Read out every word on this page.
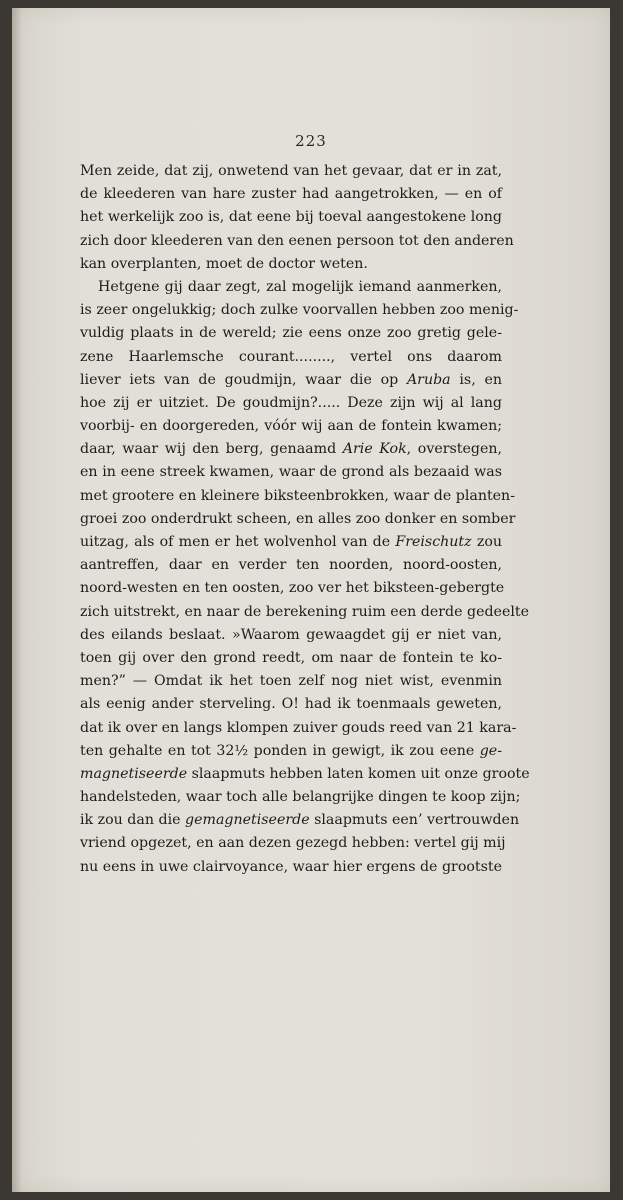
223
Men zeide, dat zij, onwetend van het gevaar, dat er in zat,
de kleederen van hare zuster had aangetrokken, — en of
het werkelijk zoo is, dat eene bij toeval aangestokene long
zich door kleederen van den eenen persoon tot den anderen
kan overplanten, moet de doctor weten.
Hetgene gij daar zegt, zal mogelijk iemand aanmerken,
is zeer ongelukkig; doch zulke voorvallen hebben zoo menig-
vuldig plaats in de wereld; zie eens onze zoo gretig gele-
zene Haarlemsche courant........, vertel ons daarom
liever iets van de goudmijn, waar die op Aruba is, en
hoe zij er uitziet. De goudmijn?..... Deze zijn wij al lang
voorbij- en doorgereden, vóór wij aan de fontein kwamen;
daar, waar wij den berg, genaamd Arie Kok, overstegen,
en in eene streek kwamen, waar de grond als bezaaid was
met grootere en kleinere biksteenbrokken, waar de planten-
groei zoo onderdrukt scheen, en alles zoo donker en somber
uitzag, als of men er het wolvenhol van de Freischutz zou
aantreffen, daar en verder ten noorden, noord-oosten,
noord-westen en ten oosten, zoo ver het biksteen-gebergte
zich uitstrekt, en naar de berekening ruim een derde gedeelte
des eilands beslaat. »Waarom gewaagdet gij er niet van,
toen gij over den grond reedt, om naar de fontein te ko-
men?” — Omdat ik het toen zelf nog niet wist, evenmin
als eenig ander sterveling. O! had ik toenmaals geweten,
dat ik over en langs klompen zuiver gouds reed van 21 kara-
ten gehalte en tot 32½ ponden in gewigt, ik zou eene ge-
magnetiseerde slaapmuts hebben laten komen uit onze groote
handelsteden, waar toch alle belangrijke dingen te koop zijn;
ik zou dan die gemagnetiseerde slaapmuts een’ vertrouwden
vriend opgezet, en aan dezen gezegd hebben: vertel gij mij
nu eens in uwe clairvoyance, waar hier ergens de grootste
